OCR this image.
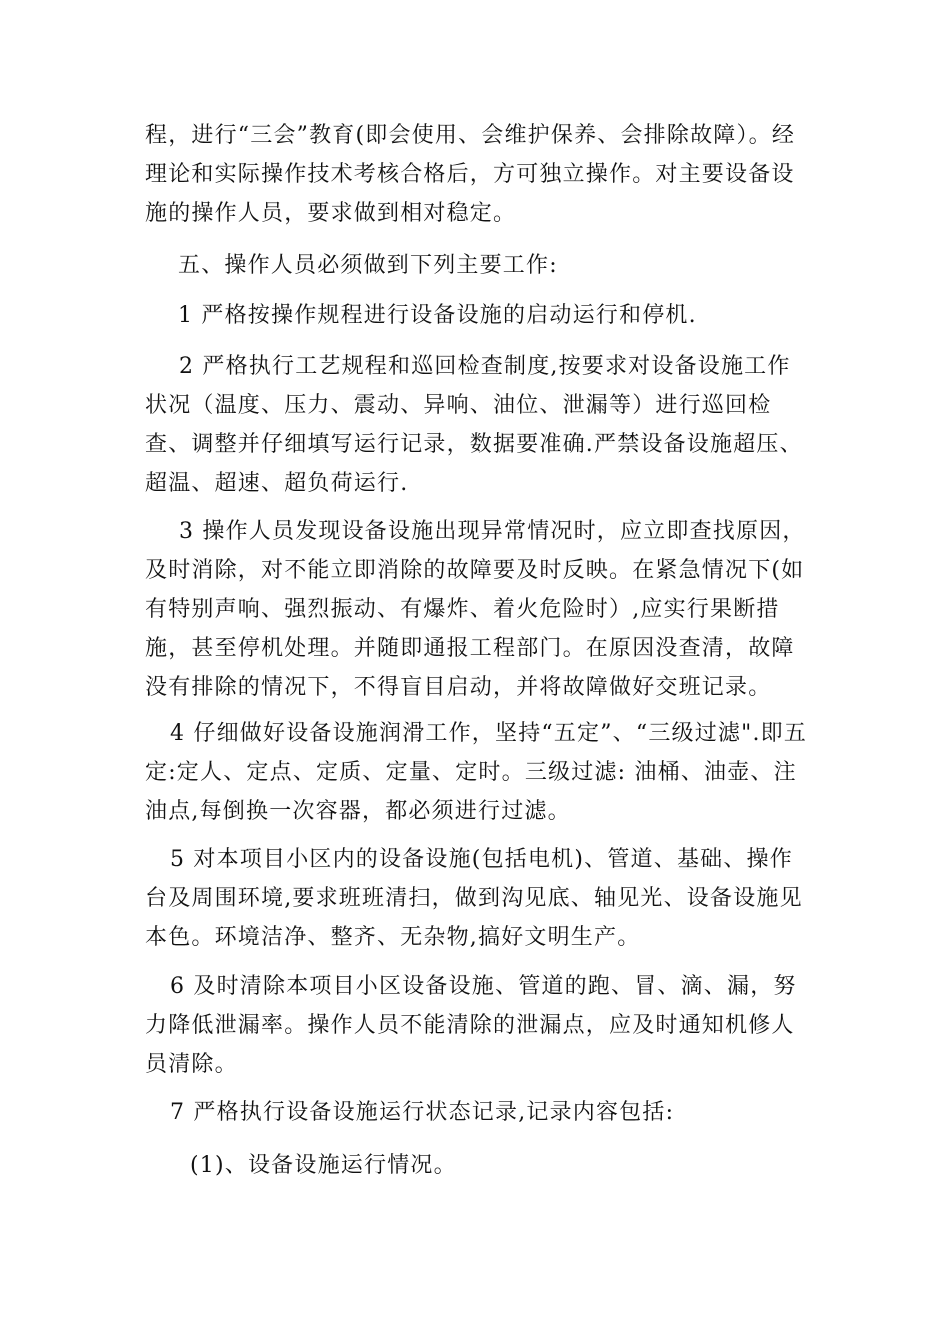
程，进行“三会”教育(即会使用、会维护保养、会排除故障）。经理论和实际操作技术考核合格后，方可独立操作。对主要设备设施的操作人员，要求做到相对稳定。

五、操作人员必须做到下列主要工作:

1 严格按操作规程进行设备设施的启动运行和停机.

2 严格执行工艺规程和巡回检查制度,按要求对设备设施工作状况（温度、压力、震动、异响、油位、泄漏等）进行巡回检查、调整并仔细填写运行记录，数据要准确.严禁设备设施超压、超温、超速、超负荷运行.

3 操作人员发现设备设施出现异常情况时，应立即查找原因，及时消除，对不能立即消除的故障要及时反映。在紧急情况下(如有特别声响、强烈振动、有爆炸、着火危险时）,应实行果断措施，甚至停机处理。并随即通报工程部门。在原因没查清，故障没有排除的情况下，不得盲目启动，并将故障做好交班记录。

4 仔细做好设备设施润滑工作，坚持“五定”、“三级过滤".即五定:定人、定点、定质、定量、定时。三级过滤: 油桶、油壶、注油点,每倒换一次容器，都必须进行过滤。

5 对本项目小区内的设备设施(包括电机)、管道、基础、操作台及周围环境,要求班班清扫，做到沟见底、轴见光、设备设施见本色。环境洁净、整齐、无杂物,搞好文明生产。

6 及时清除本项目小区设备设施、管道的跑、冒、滴、漏，努力降低泄漏率。操作人员不能清除的泄漏点，应及时通知机修人员清除。

7 严格执行设备设施运行状态记录,记录内容包括:

(1)、设备设施运行情况。
